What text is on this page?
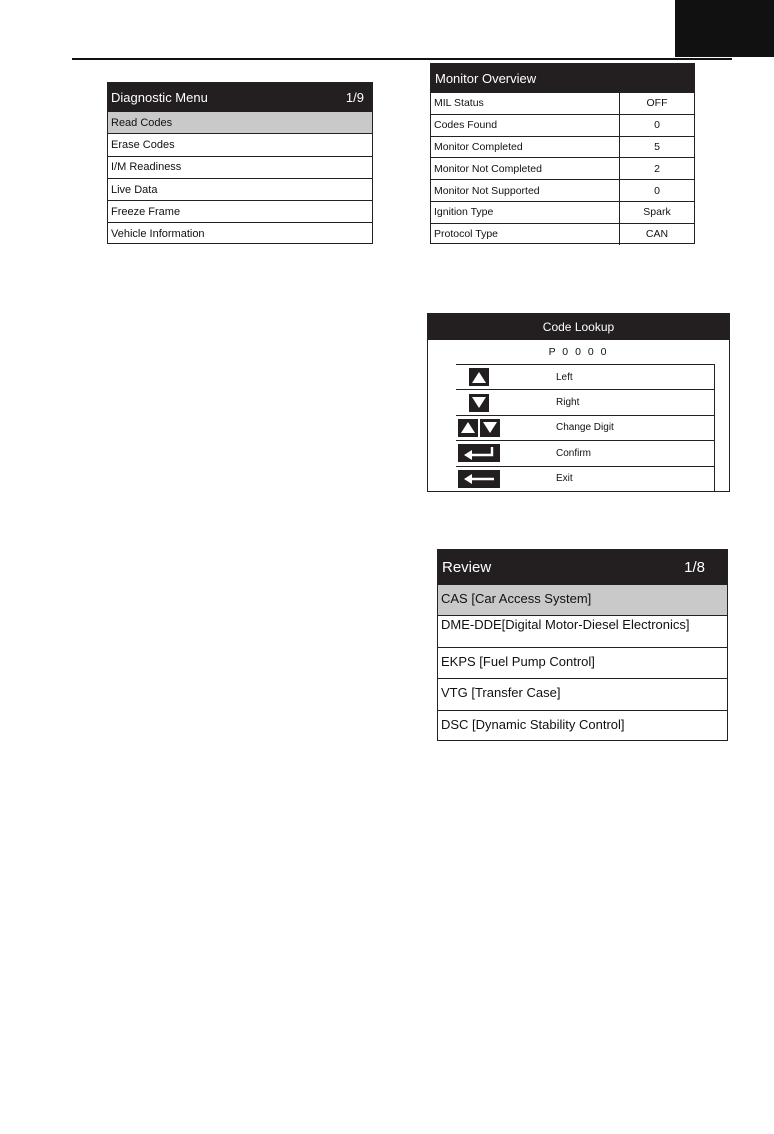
Diagnostic Menu	1/9
Read Codes
Erase Codes
I/M Readiness
Live Data
Freeze Frame
Vehicle Information
Monitor Overview
MIL Status	OFF
Codes Found	0
Monitor Completed	5
Monitor Not Completed	2
Monitor Not Supported	0
Ignition Type	Spark
Protocol Type	CAN
Code Lookup
P 0 0 0 0
Left
Right
Change Digit
Confirm
Exit
Review	1/8
CAS [Car Access System]
DME-DDE[Digital Motor-Diesel Electronics]
EKPS [Fuel Pump Control]
VTG [Transfer Case]
DSC [Dynamic Stability Control]
